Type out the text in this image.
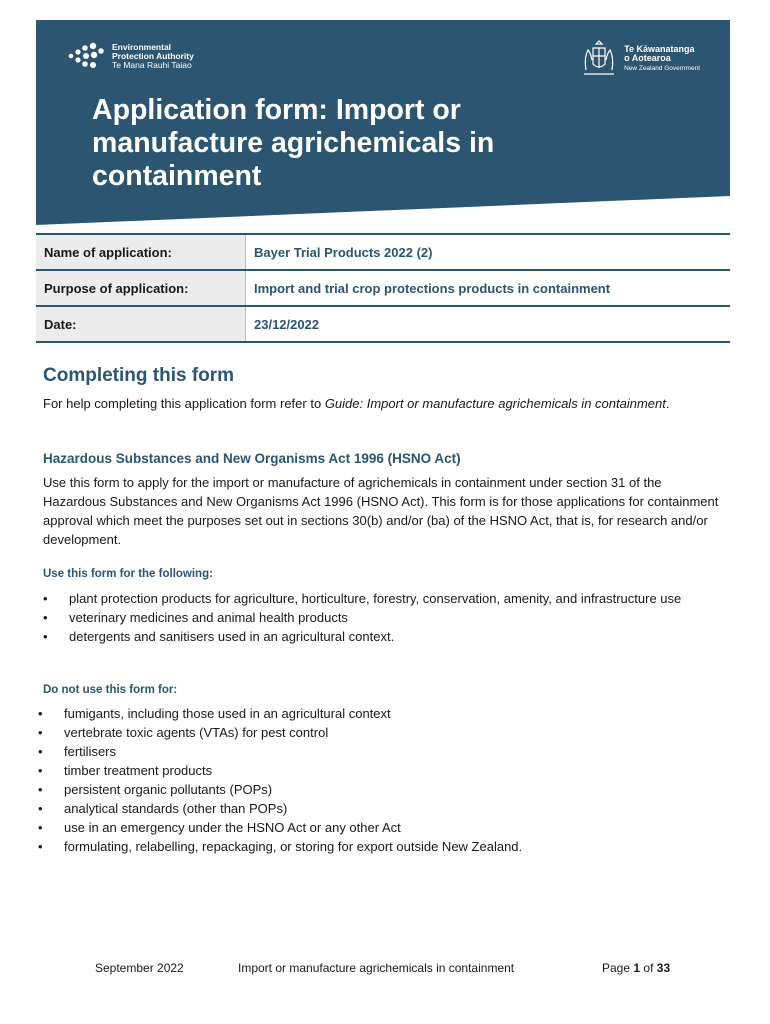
Environmental
Protection Authority
Te Mana Rauhi Taiao
Te Kāwanatanga
o Aotearoa
New Zealand Government
Application form: Import or manufacture agrichemicals in containment
Name of application:	Bayer Trial Products 2022 (2)
Purpose of application:	Import and trial crop protections products in containment
Date:	23/12/2022
Completing this form
For help completing this application form refer to Guide: Import or manufacture agrichemicals in containment.
Hazardous Substances and New Organisms Act 1996 (HSNO Act)
Use this form to apply for the import or manufacture of agrichemicals in containment under section 31 of the Hazardous Substances and New Organisms Act 1996 (HSNO Act). This form is for those applications for containment approval which meet the purposes set out in sections 30(b) and/or (ba) of the HSNO Act, that is, for research and/or development.
Use this form for the following:
• plant protection products for agriculture, horticulture, forestry, conservation, amenity, and infrastructure use
• veterinary medicines and animal health products
• detergents and sanitisers used in an agricultural context.
Do not use this form for:
• fumigants, including those used in an agricultural context
• vertebrate toxic agents (VTAs) for pest control
• fertilisers
• timber treatment products
• persistent organic pollutants (POPs)
• analytical standards (other than POPs)
• use in an emergency under the HSNO Act or any other Act
• formulating, relabelling, repackaging, or storing for export outside New Zealand.
September 2022	Import or manufacture agrichemicals in containment	Page 1 of 33
